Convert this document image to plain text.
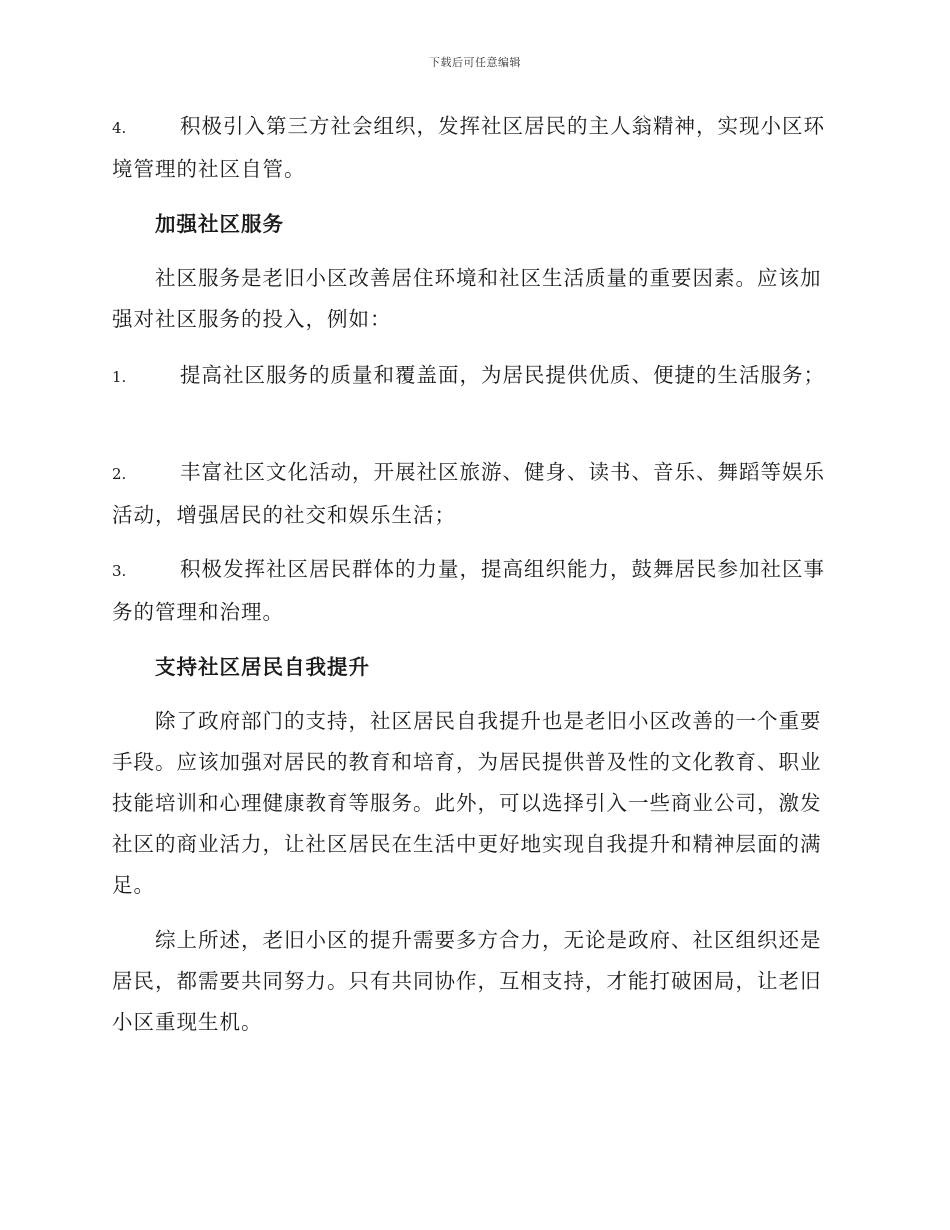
下载后可任意编辑
4.	积极引入第三方社会组织，发挥社区居民的主人翁精神，实现小区环境管理的社区自管。
加强社区服务
社区服务是老旧小区改善居住环境和社区生活质量的重要因素。应该加强对社区服务的投入，例如：
1.	提高社区服务的质量和覆盖面，为居民提供优质、便捷的生活服务；
2.	丰富社区文化活动，开展社区旅游、健身、读书、音乐、舞蹈等娱乐活动，增强居民的社交和娱乐生活；
3.	积极发挥社区居民群体的力量，提高组织能力，鼓舞居民参加社区事务的管理和治理。
支持社区居民自我提升
除了政府部门的支持，社区居民自我提升也是老旧小区改善的一个重要手段。应该加强对居民的教育和培育，为居民提供普及性的文化教育、职业技能培训和心理健康教育等服务。此外，可以选择引入一些商业公司，激发社区的商业活力，让社区居民在生活中更好地实现自我提升和精神层面的满足。
综上所述，老旧小区的提升需要多方合力，无论是政府、社区组织还是居民，都需要共同努力。只有共同协作，互相支持，才能打破困局，让老旧小区重现生机。
